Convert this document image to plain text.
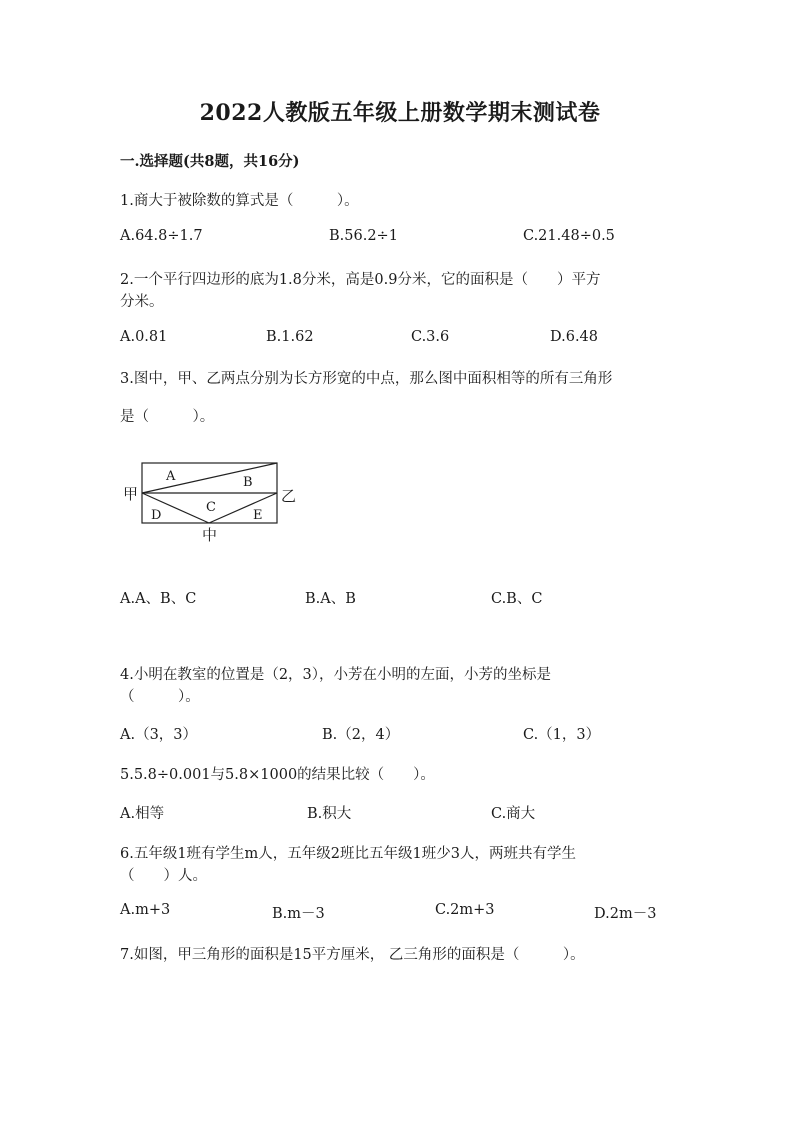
2022人教版五年级上册数学期末测试卷
一.选择题(共8题，共16分)
1.商大于被除数的算式是（　　　）。
A.64.8÷1.7	B.56.2÷1	C.21.48÷0.5
2.一个平行四边形的底为1.8分米，高是0.9分米，它的面积是（　　）平方
分米。
A.0.81	B.1.62	C.3.6	D.6.48
3.图中，甲、乙两点分别为长方形宽的中点，那么图中面积相等的所有三角形
是（　　　）。
A	B
C
D	E
甲	乙
中
A.A、B、C	B.A、B	C.B、C
4.小明在教室的位置是（2，3），小芳在小明的左面，小芳的坐标是
（　　　）。
A.（3，3）	B.（2，4）	C.（1，3）
5.5.8÷0.001与5.8×1000的结果比较（　　）。
A.相等	B.积大	C.商大
6.五年级1班有学生m人，五年级2班比五年级1班少3人，两班共有学生
（　　）人。
A.m+3	B.m－3	C.2m+3	D.2m－3
7.如图，甲三角形的面积是15平方厘米， 乙三角形的面积是（　　　）。
